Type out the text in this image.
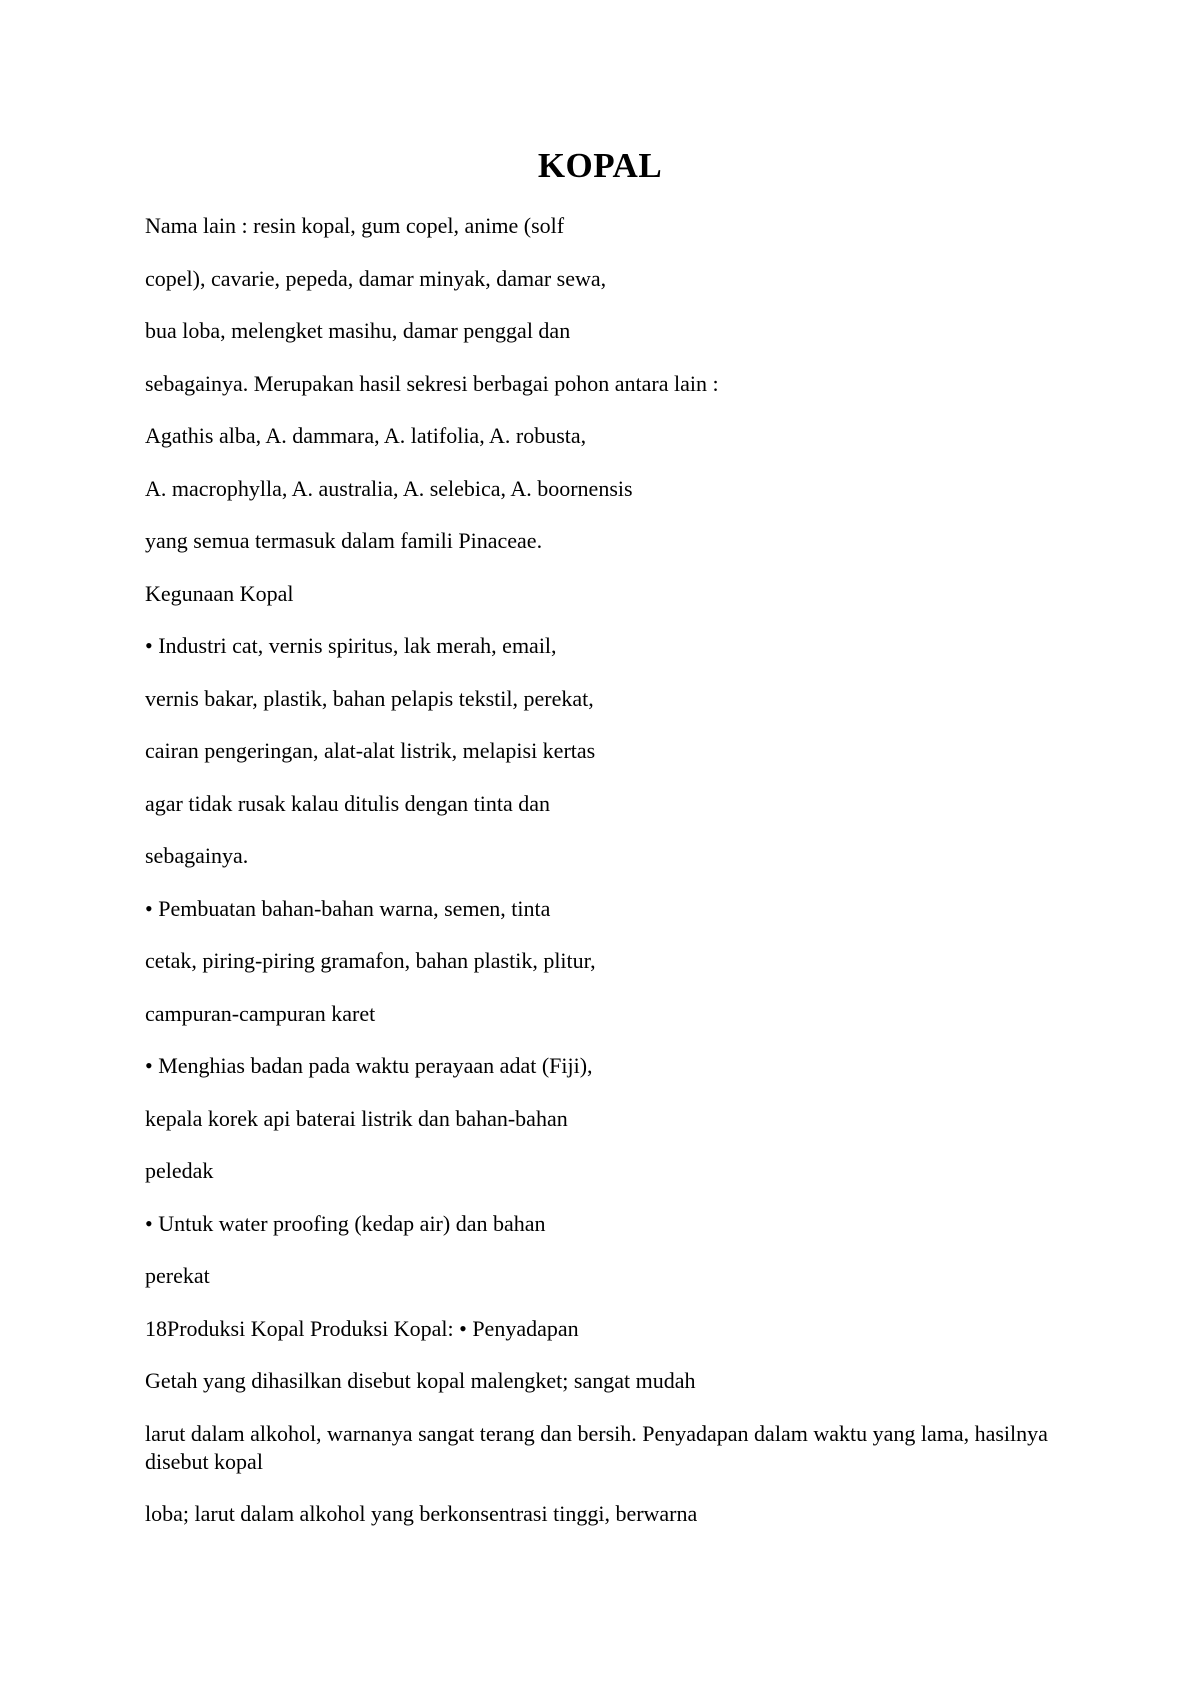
KOPAL

Nama lain : resin kopal, gum copel, anime (solf

copel), cavarie, pepeda, damar minyak, damar sewa,

bua loba, melengket masihu, damar penggal dan

sebagainya. Merupakan hasil sekresi berbagai pohon antara lain :

Agathis alba, A. dammara, A. latifolia, A. robusta,

A. macrophylla, A. australia, A. selebica, A. boornensis

yang semua termasuk dalam famili Pinaceae.

Kegunaan Kopal

• Industri cat, vernis spiritus, lak merah, email,

vernis bakar, plastik, bahan pelapis tekstil, perekat,

cairan pengeringan, alat-alat listrik, melapisi kertas

agar tidak rusak kalau ditulis dengan tinta dan

sebagainya.

• Pembuatan bahan-bahan warna, semen, tinta

cetak, piring-piring gramafon, bahan plastik, plitur,

campuran-campuran karet

• Menghias badan pada waktu perayaan adat (Fiji),

kepala korek api baterai listrik dan bahan-bahan

peledak

• Untuk water proofing (kedap air) dan bahan

perekat

18Produksi Kopal Produksi Kopal: • Penyadapan

Getah yang dihasilkan disebut kopal malengket; sangat mudah

larut dalam alkohol, warnanya sangat terang dan bersih. Penyadapan dalam waktu yang lama, hasilnya disebut kopal

loba; larut dalam alkohol yang berkonsentrasi tinggi, berwarna
